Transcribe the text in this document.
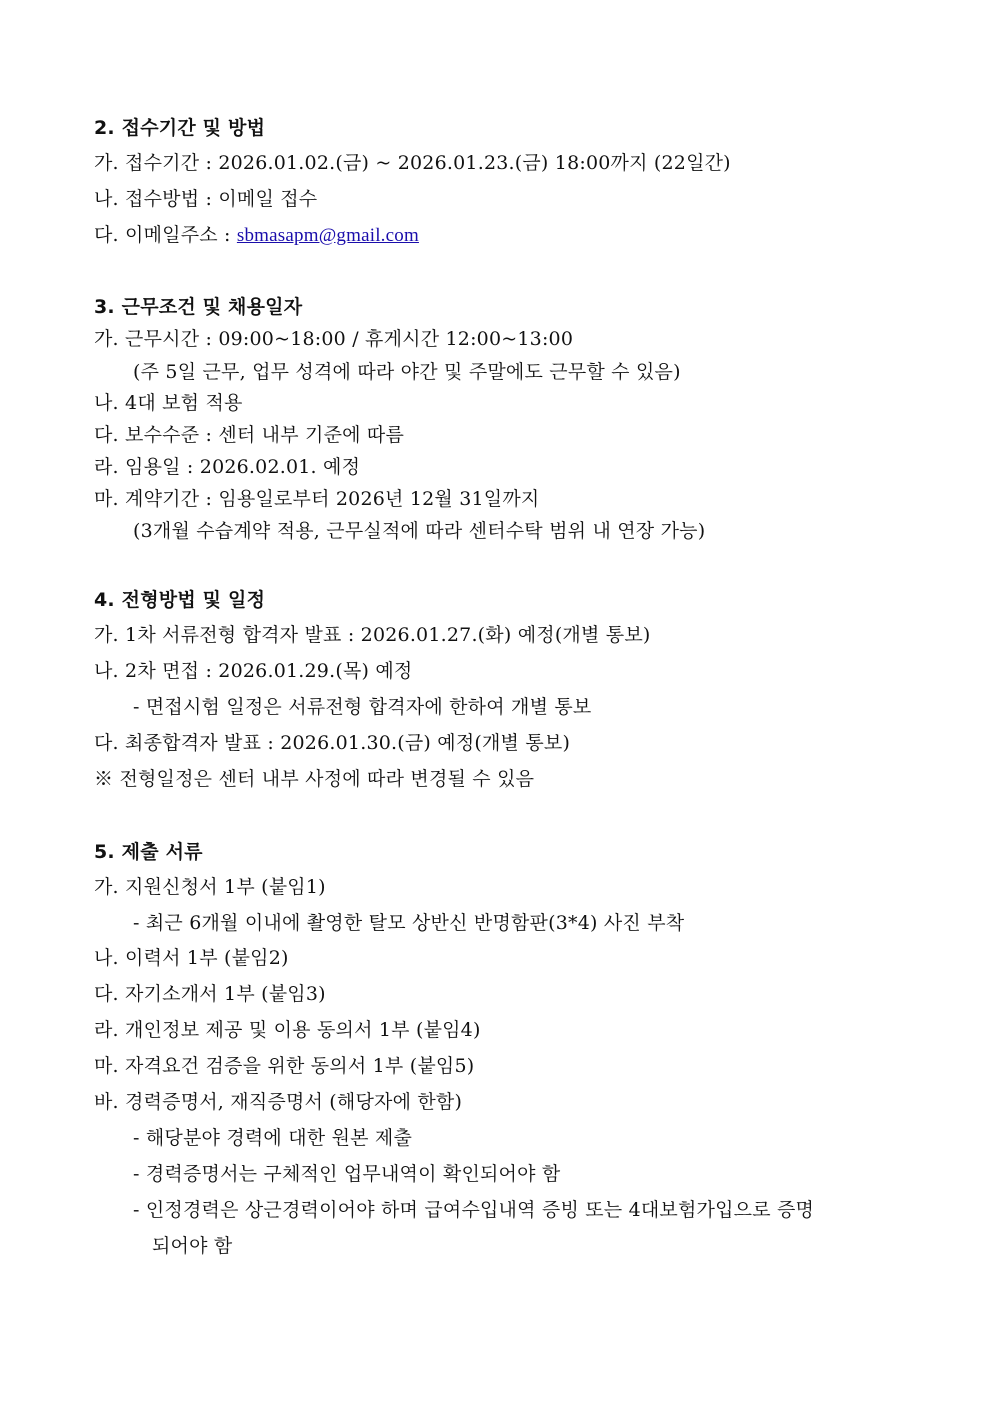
2. 접수기간 및 방법
가. 접수기간 : 2026.01.02.(금) ~ 2026.01.23.(금) 18:00까지 (22일간)
나. 접수방법 : 이메일 접수
다. 이메일주소 : sbmasapm@gmail.com
3. 근무조건 및 채용일자
가. 근무시간 : 09:00~18:00 / 휴게시간 12:00~13:00
(주 5일 근무, 업무 성격에 따라 야간 및 주말에도 근무할 수 있음)
나. 4대 보험 적용
다. 보수수준 : 센터 내부 기준에 따름
라. 임용일 : 2026.02.01. 예정
마. 계약기간 : 임용일로부터 2026년 12월 31일까지
(3개월 수습계약 적용, 근무실적에 따라 센터수탁 범위 내 연장 가능)
4. 전형방법 및 일정
가. 1차 서류전형 합격자 발표 : 2026.01.27.(화) 예정(개별 통보)
나. 2차 면접 : 2026.01.29.(목) 예정
- 면접시험 일정은 서류전형 합격자에 한하여 개별 통보
다. 최종합격자 발표 : 2026.01.30.(금) 예정(개별 통보)
※ 전형일정은 센터 내부 사정에 따라 변경될 수 있음
5. 제출 서류
가. 지원신청서 1부 (붙임1)
- 최근 6개월 이내에 촬영한 탈모 상반신 반명함판(3*4) 사진 부착
나. 이력서 1부 (붙임2)
다. 자기소개서 1부 (붙임3)
라. 개인정보 제공 및 이용 동의서 1부 (붙임4)
마. 자격요건 검증을 위한 동의서 1부 (붙임5)
바. 경력증명서, 재직증명서 (해당자에 한함)
- 해당분야 경력에 대한 원본 제출
- 경력증명서는 구체적인 업무내역이 확인되어야 함
- 인정경력은 상근경력이어야 하며 급여수입내역 증빙 또는 4대보험가입으로 증명
되어야 함
